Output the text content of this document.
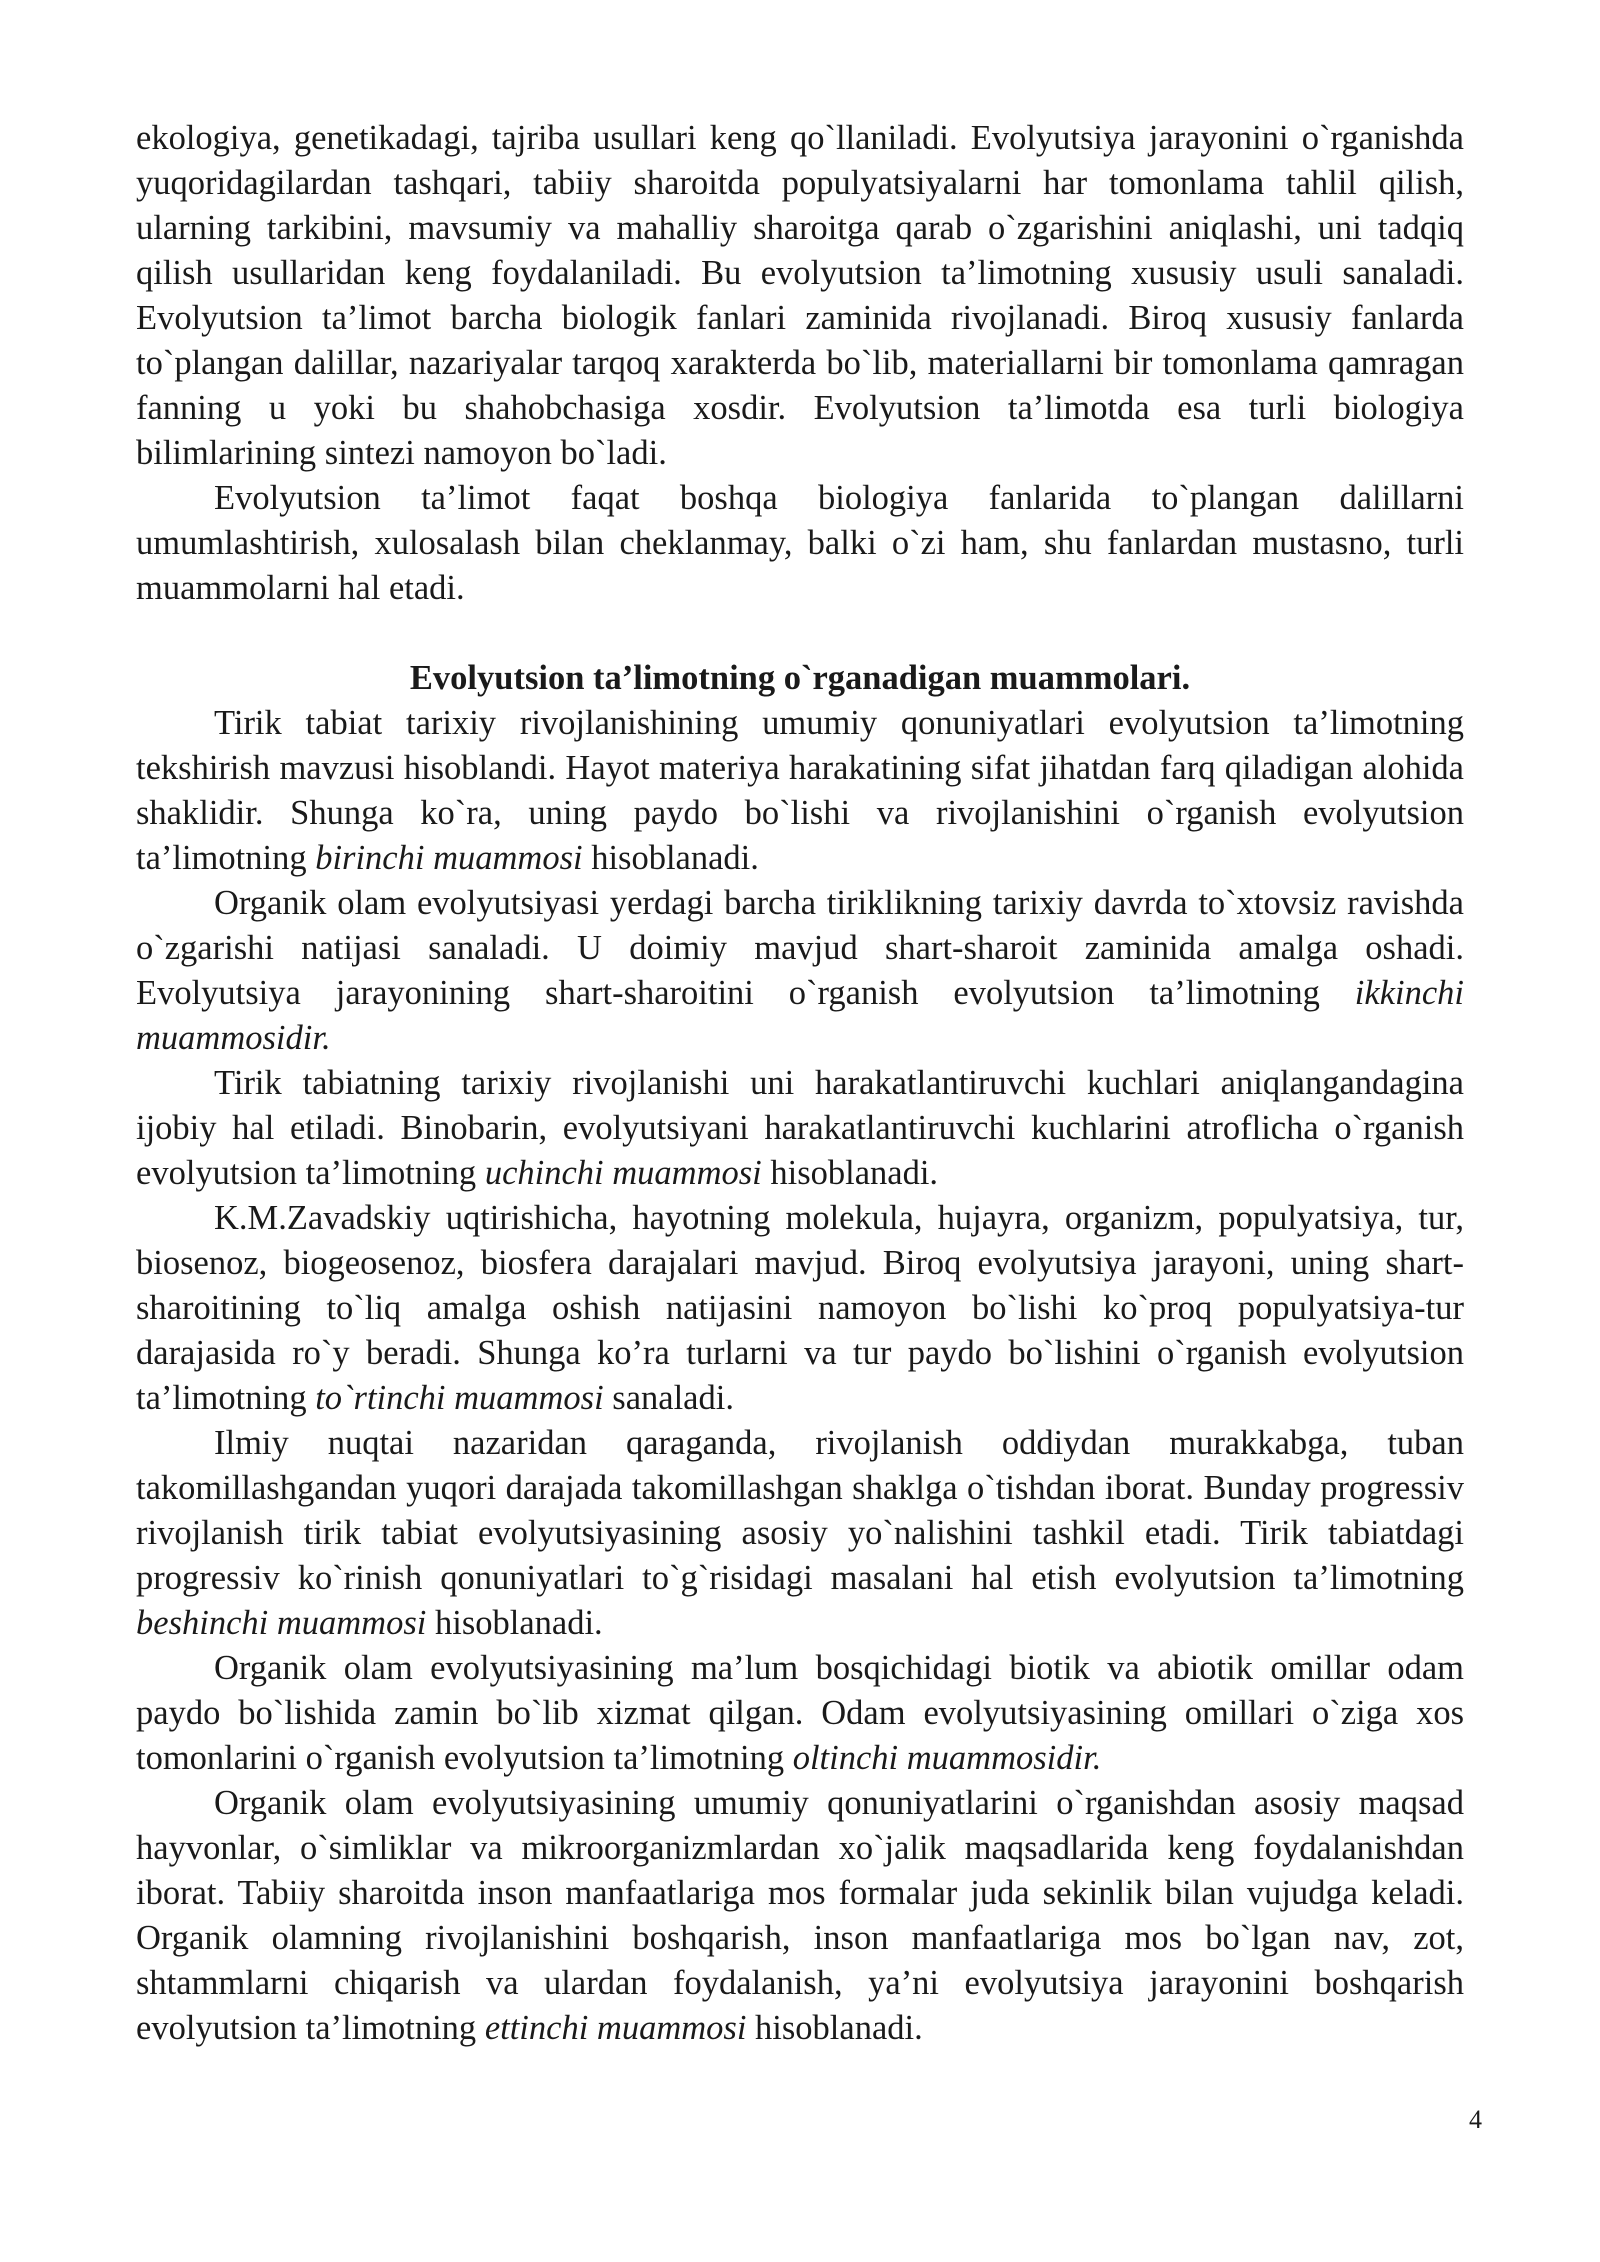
ekologiya, genetikadagi, tajriba usullari keng qo`llaniladi. Evolyutsiya jarayonini o`rganishda yuqoridagilardan tashqari, tabiiy sharoitda populyatsiyalarni har tomonlama tahlil qilish, ularning tarkibini, mavsumiy va mahalliy sharoitga qarab o`zgarishini aniqlashi, uni tadqiq qilish usullaridan keng foydalaniladi. Bu evolyutsion ta’limotning xususiy usuli sanaladi. Evolyutsion ta’limot barcha biologik fanlari zaminida rivojlanadi. Biroq xususiy fanlarda to`plangan dalillar, nazariyalar tarqoq xarakterda bo`lib, materiallarni bir tomonlama qamragan fanning u yoki bu shahobchasiga xosdir. Evolyutsion ta’limotda esa turli biologiya bilimlarining sintezi namoyon bo`ladi.

Evolyutsion ta’limot faqat boshqa biologiya fanlarida to`plangan dalillarni umumlashtirish, xulosalash bilan cheklanmay, balki o`zi ham, shu fanlardan mustasno, turli muammolarni hal etadi.

Evolyutsion ta’limotning o`rganadigan muammolari.

Tirik tabiat tarixiy rivojlanishining umumiy qonuniyatlari evolyutsion ta’limotning tekshirish mavzusi hisoblandi. Hayot materiya harakatining sifat jihatdan farq qiladigan alohida shaklidir. Shunga ko`ra, uning paydo bo`lishi va rivojlanishini o`rganish evolyutsion ta’limotning birinchi muammosi hisoblanadi.

Organik olam evolyutsiyasi yerdagi barcha tiriklikning tarixiy davrda to`xtovsiz ravishda o`zgarishi natijasi sanaladi. U doimiy mavjud shart-sharoit zaminida amalga oshadi. Evolyutsiya jarayonining shart-sharoitini o`rganish evolyutsion ta’limotning ikkinchi muammosidir.

Tirik tabiatning tarixiy rivojlanishi uni harakatlantiruvchi kuchlari aniqlangandagina ijobiy hal etiladi. Binobarin, evolyutsiyani harakatlantiruvchi kuchlarini atroflicha o`rganish evolyutsion ta’limotning uchinchi muammosi hisoblanadi.

K.M.Zavadskiy uqtirishicha, hayotning molekula, hujayra, organizm, populyatsiya, tur, biosenoz, biogeosenoz, biosfera darajalari mavjud. Biroq evolyutsiya jarayoni, uning shart-sharoitining to`liq amalga oshish natijasini namoyon bo`lishi ko`proq populyatsiya-tur darajasida ro`y beradi. Shunga ko’ra turlarni va tur paydo bo`lishini o`rganish evolyutsion ta’limotning to`rtinchi muammosi sanaladi.

Ilmiy nuqtai nazaridan qaraganda, rivojlanish oddiydan murakkabga, tuban takomillashgandan yuqori darajada takomillashgan shaklga o`tishdan iborat. Bunday progressiv rivojlanish tirik tabiat evolyutsiyasining asosiy yo`nalishini tashkil etadi. Tirik tabiatdagi progressiv ko`rinish qonuniyatlari to`g`risidagi masalani hal etish evolyutsion ta’limotning beshinchi muammosi hisoblanadi.

Organik olam evolyutsiyasining ma’lum bosqichidagi biotik va abiotik omillar odam paydo bo`lishida zamin bo`lib xizmat qilgan. Odam evolyutsiyasining omillari o`ziga xos tomonlarini o`rganish evolyutsion ta’limotning oltinchi muammosidir.

Organik olam evolyutsiyasining umumiy qonuniyatlarini o`rganishdan asosiy maqsad hayvonlar, o`simliklar va mikroorganizmlardan xo`jalik maqsadlarida keng foydalanishdan iborat. Tabiiy sharoitda inson manfaatlariga mos formalar juda sekinlik bilan vujudga keladi. Organik olamning rivojlanishini boshqarish, inson manfaatlariga mos bo`lgan nav, zot, shtammlarni chiqarish va ulardan foydalanish, ya’ni evolyutsiya jarayonini boshqarish evolyutsion ta’limotning ettinchi muammosi hisoblanadi.

4
